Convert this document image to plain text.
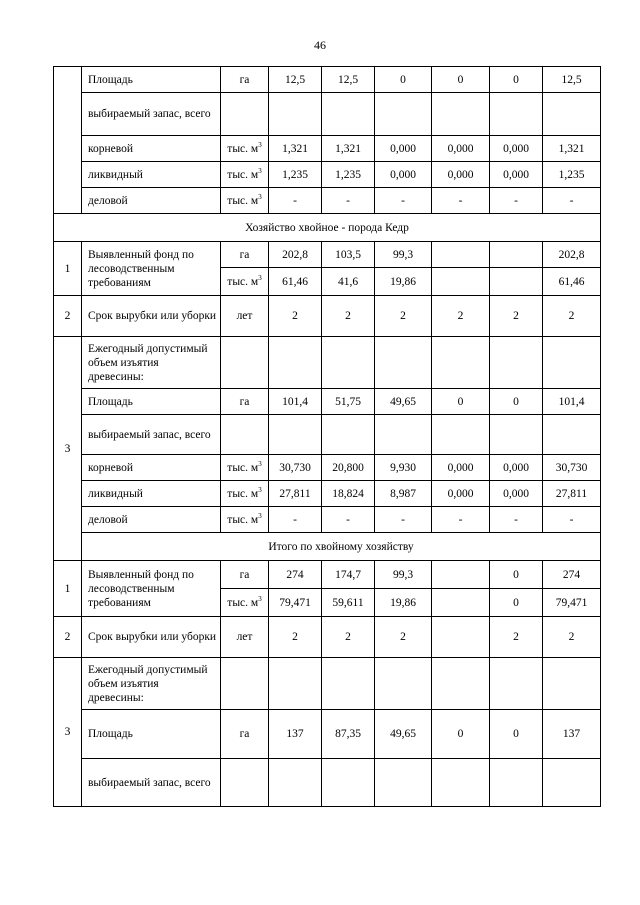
46
	Площадь	га	12,5	12,5	0	0	0	12,5
	выбираемый запас, всего							
	корневой	тыс. $м^3$	1,321	1,321	0,000	0,000	0,000	1,321
	ликвидный	тыс. $м^3$	1,235	1,235	0,000	0,000	0,000	1,235
	деловой	тыс. $м^3$	-	-	-	-	-	-
Хозяйство хвойное - порода Кедр								
1	Выявленный фонд по лесоводственным требованиям	га	202,8	103,5	99,3			202,8
		тыс. $м^3$	61,46	41,6	19,86			61,46
2	Срок вырубки или уборки	лет	2	2	2	2	2	2
3	Ежегодный допустимый объем изъятия древесины:							
	Площадь	га	101,4	51,75	49,65	0	0	101,4
	выбираемый запас, всего							
	корневой	тыс. $м^3$	30,730	20,800	9,930	0,000	0,000	30,730
	ликвидный	тыс. $м^3$	27,811	18,824	8,987	0,000	0,000	27,811
	деловой	тыс. $м^3$	-	-	-	-	-	-
	Итого по хвойному хозяйству							
1	Выявленный фонд по лесоводственным требованиям	га	274	174,7	99,3		0	274
		тыс. $м^3$	79,471	59,611	19,86		0	79,471
2	Срок вырубки или уборки	лет	2	2	2		2	2
3	Ежегодный допустимый объем изъятия древесины:							
	Площадь	га	137	87,35	49,65	0	0	137
	выбираемый запас, всего							
